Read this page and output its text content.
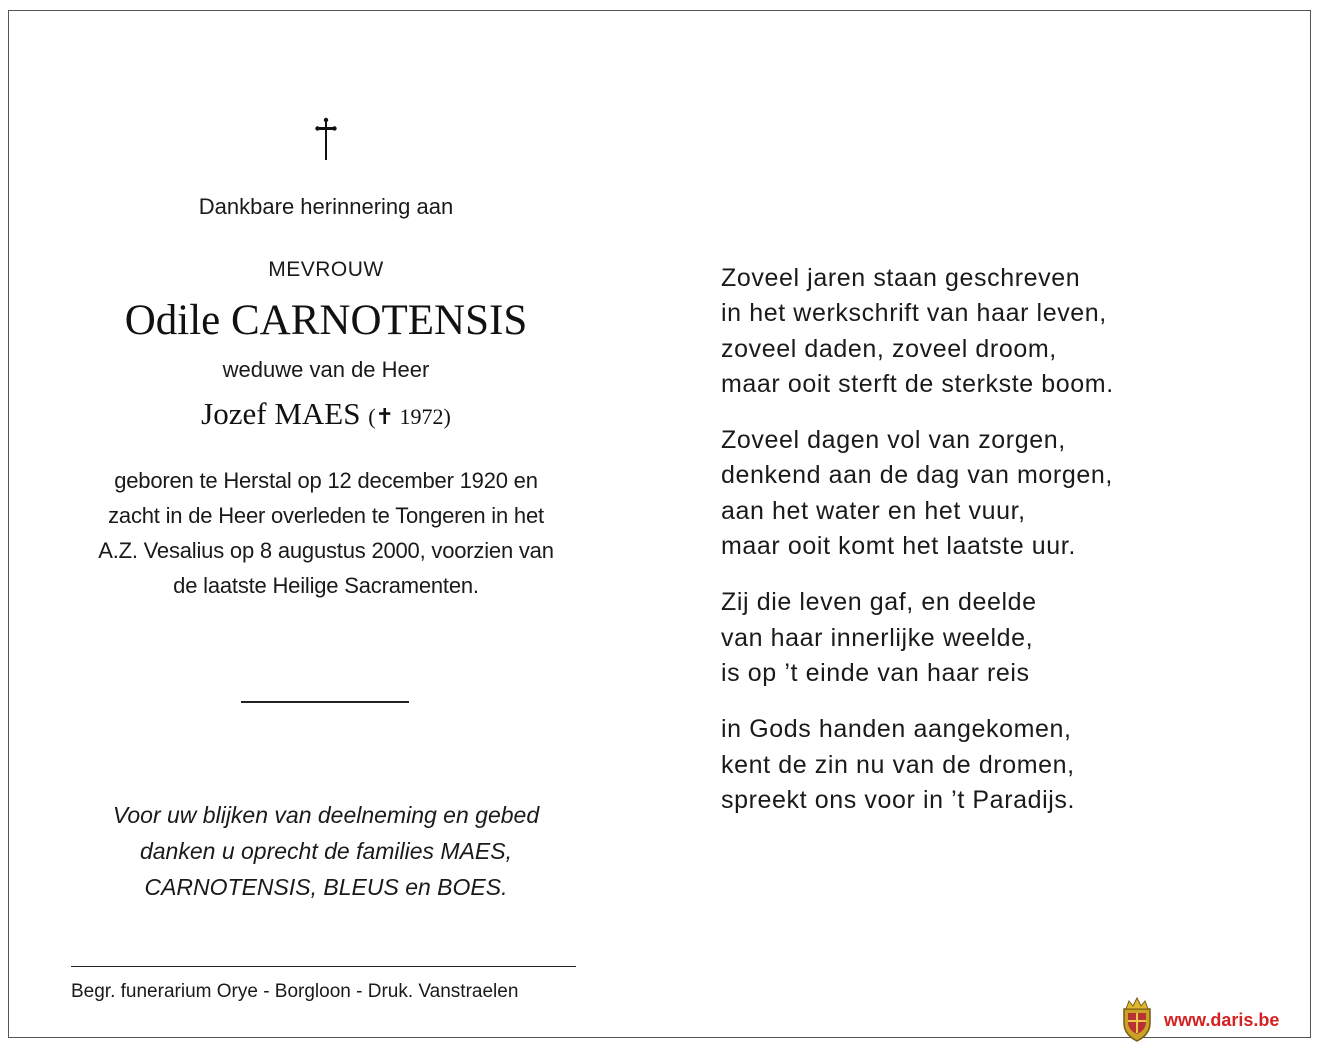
Dankbare herinnering aan
MEVROUW
Odile CARNOTENSIS
weduwe van de Heer
Jozef MAES (✝ 1972)
geboren te Herstal op 12 december 1920 en
zacht in de Heer overleden te Tongeren in het
A.Z. Vesalius op 8 augustus 2000, voorzien van
de laatste Heilige Sacramenten.
Voor uw blijken van deelneming en gebed
danken u oprecht de families MAES,
CARNOTENSIS, BLEUS en BOES.
Begr. funerarium Orye - Borgloon - Druk. Vanstraelen
Zoveel jaren staan geschreven
in het werkschrift van haar leven,
zoveel daden, zoveel droom,
maar ooit sterft de sterkste boom.
Zoveel dagen vol van zorgen,
denkend aan de dag van morgen,
aan het water en het vuur,
maar ooit komt het laatste uur.
Zij die leven gaf, en deelde
van haar innerlijke weelde,
is op ’t einde van haar reis
in Gods handen aangekomen,
kent de zin nu van de dromen,
spreekt ons voor in ’t Paradijs.
www.daris.be
